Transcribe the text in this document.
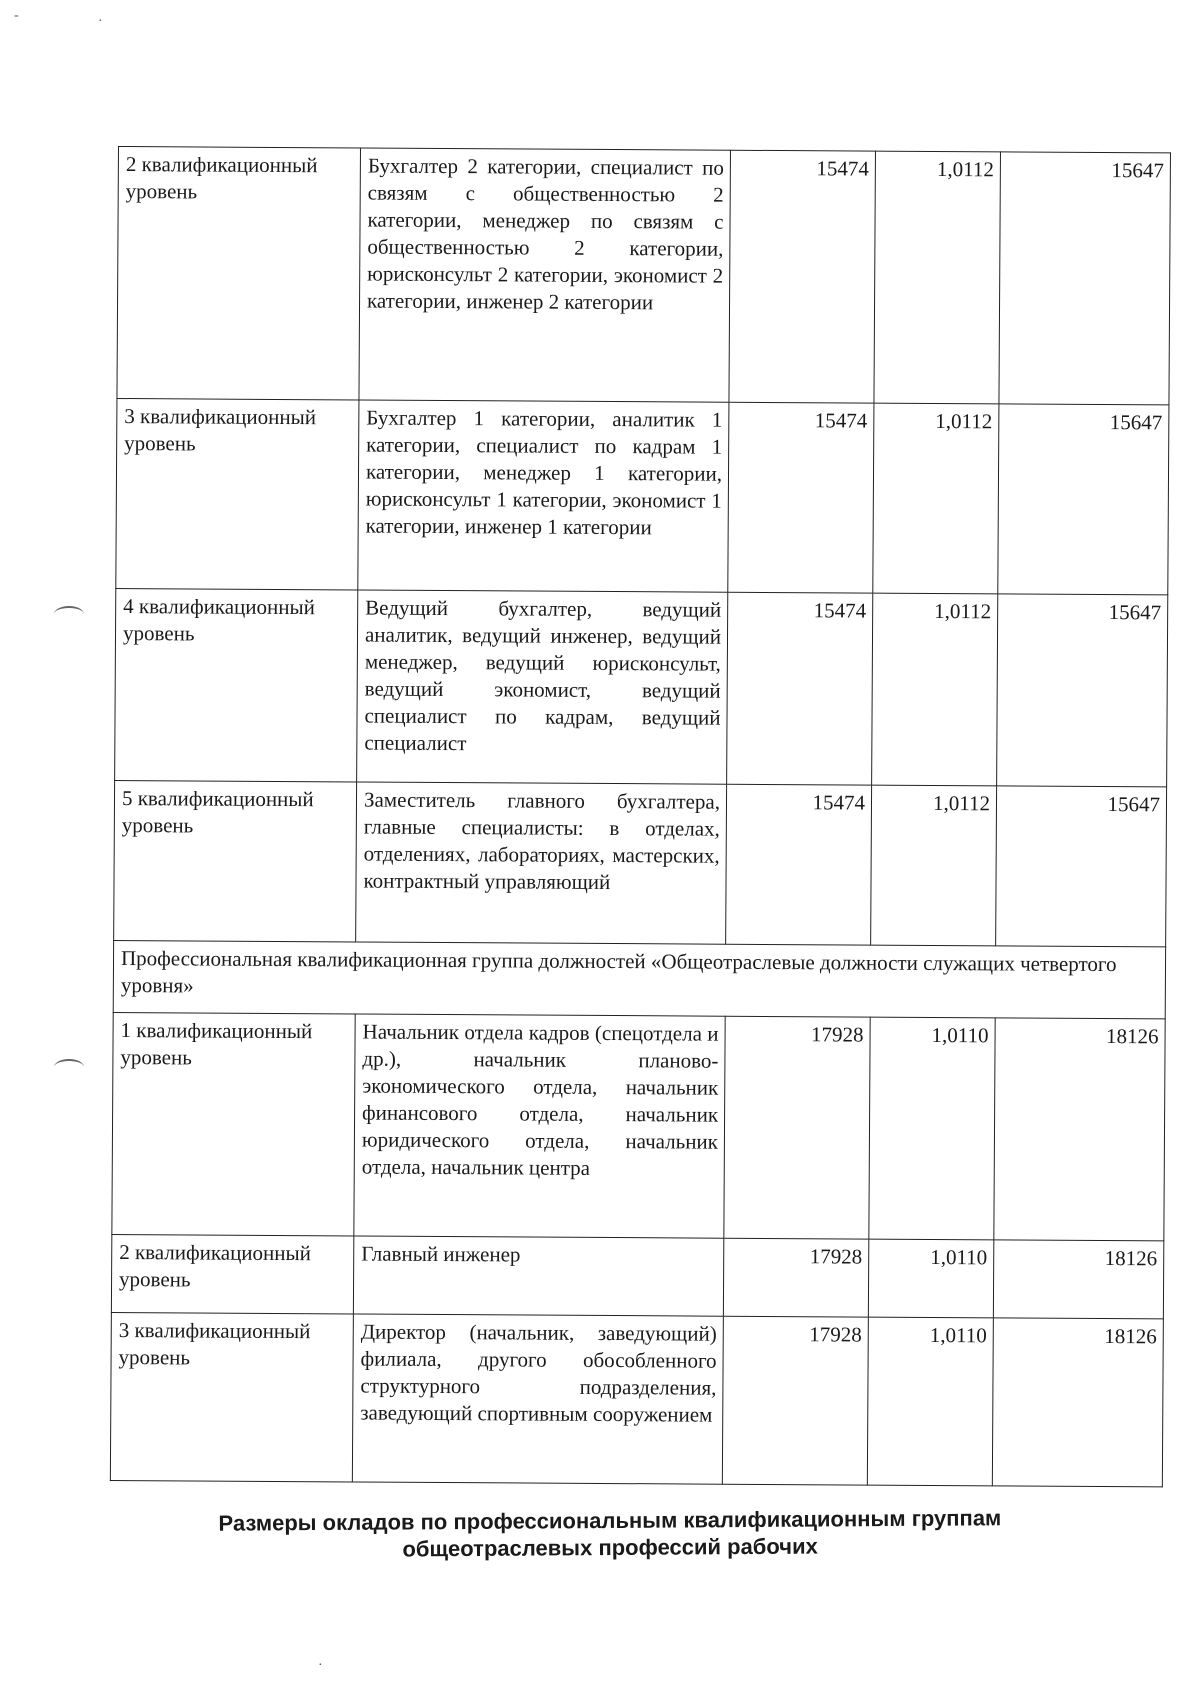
-	·
2 квалификационный уровень	Бухгалтер 2 категории, специалист по связям с общественностью 2 категории, менеджер по связям с общественностью 2 категории, юрисконсульт 2 категории, экономист 2 категории, инженер 2 категории	15474	1,0112	15647
3 квалификационный уровень	Бухгалтер 1 категории, аналитик 1 категории, специалист по кадрам 1 категории, менеджер 1 категории, юрисконсульт 1 категории, экономист 1 категории, инженер 1 категории	15474	1,0112	15647
4 квалификационный уровень	Ведущий бухгалтер, ведущий аналитик, ведущий инженер, ведущий менеджер, ведущий юрисконсульт, ведущий экономист, ведущий специалист по кадрам, ведущий специалист	15474	1,0112	15647
5 квалификационный уровень	Заместитель главного бухгалтера, главные специалисты: в отделах, отделениях, лабораториях, мастерских, контрактный управляющий	15474	1,0112	15647
Профессиональная квалификационная группа должностей «Общеотраслевые должности служащих четвертого уровня»				
1 квалификационный уровень	Начальник отдела кадров (спецотдела и др.), начальник планово-экономического отдела, начальник финансового отдела, начальник юридического отдела, начальник отдела, начальник центра	17928	1,0110	18126
2 квалификационный уровень	Главный инженер	17928	1,0110	18126
3 квалификационный уровень	Директор (начальник, заведующий) филиала, другого обособленного структурного подразделения, заведующий спортивным сооружением	17928	1,0110	18126
Размеры окладов по профессиональным квалификационным группам общеотраслевых профессий рабочих
·
